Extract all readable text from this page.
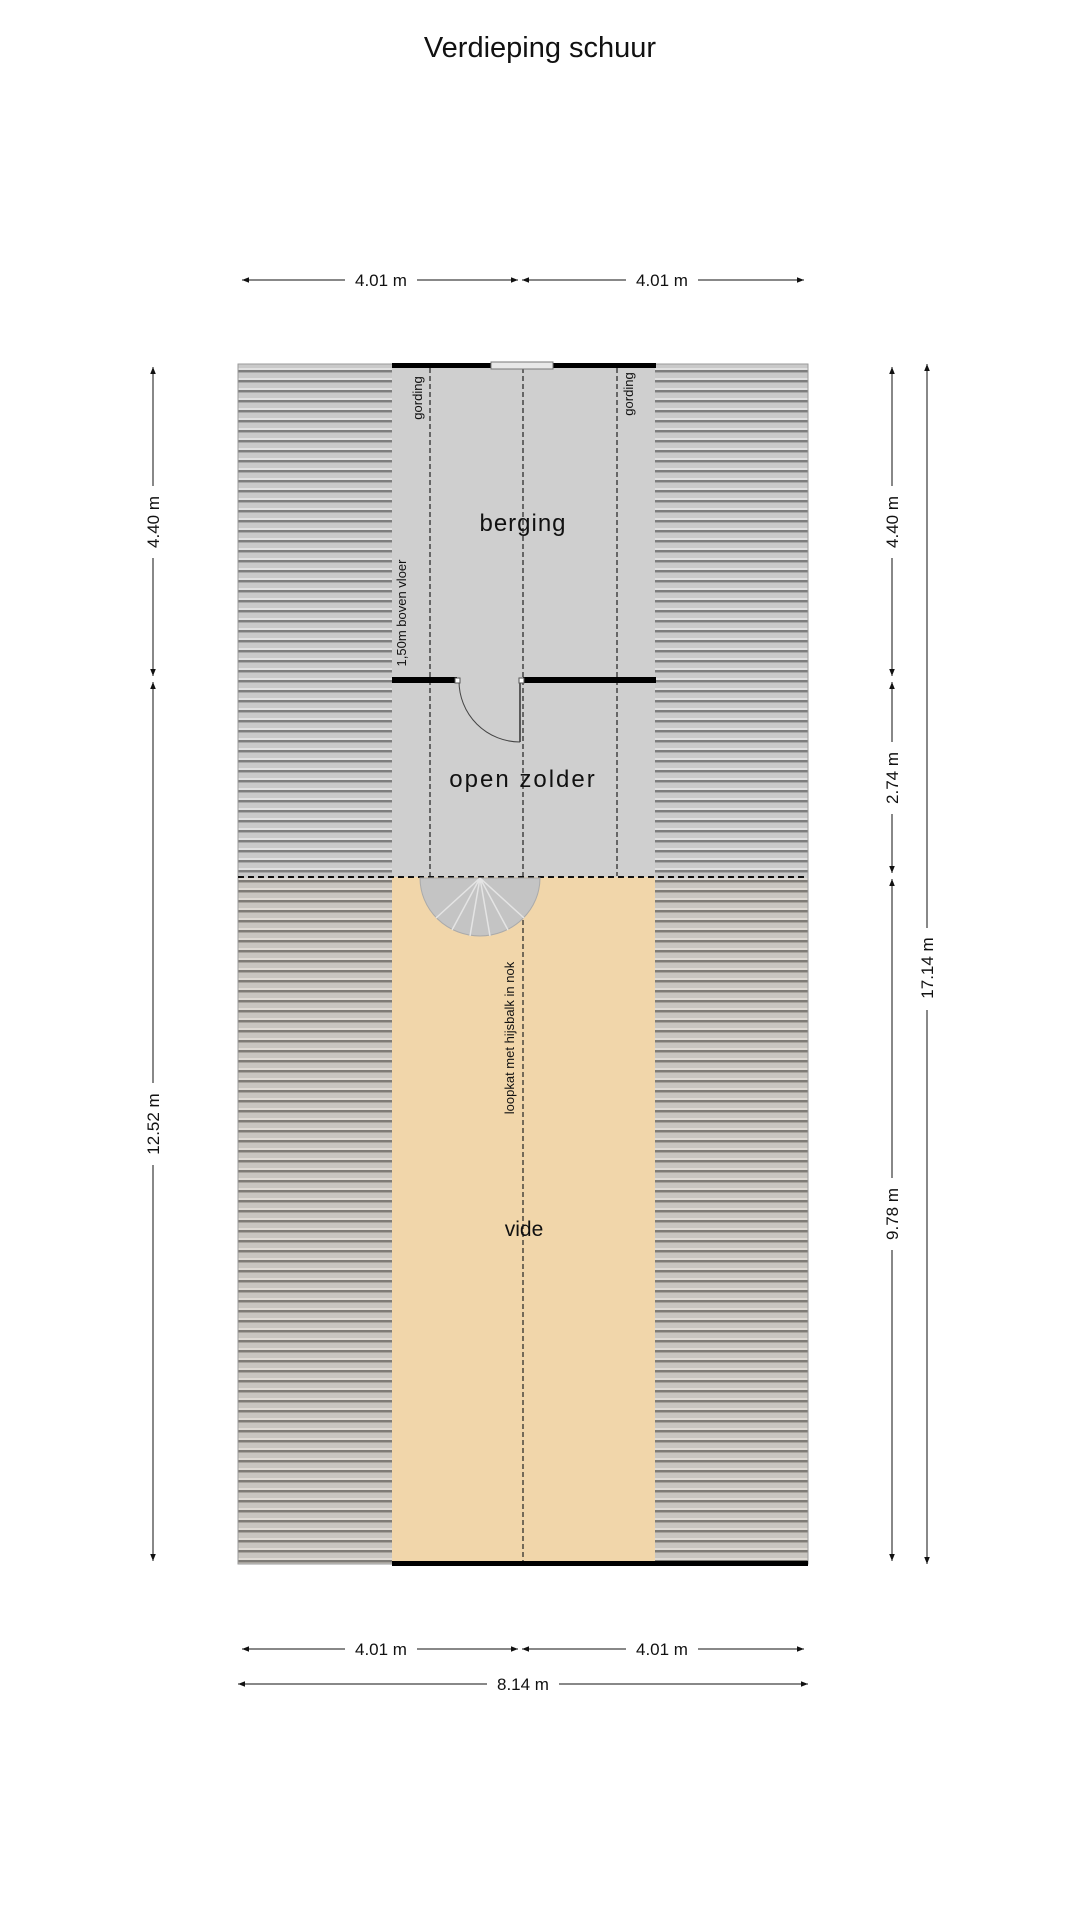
Verdieping schuur
4.01 m	4.01 m
4.01 m	4.01 m
8.14 m
4.40 m
12.52 m
4.40 m
2.74 m
9.78 m
17.14 m
berging
open zolder
vide
gording	gording
1,50m boven vloer
loopkat met hijsbalk in nok
